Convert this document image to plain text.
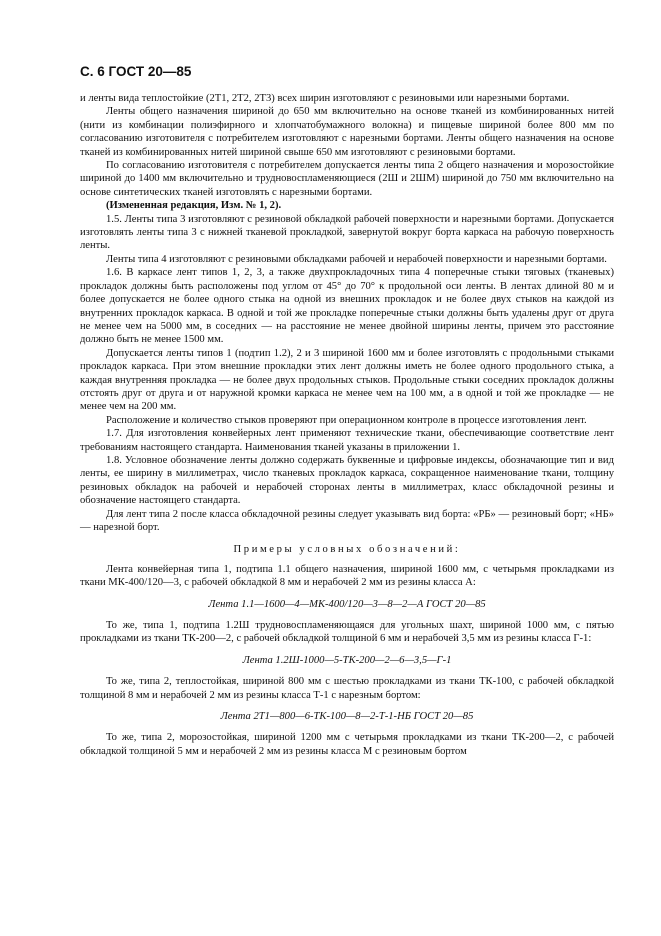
С. 6 ГОСТ 20—85

и ленты вида теплостойкие (2Т1, 2Т2, 2Т3) всех ширин изготовляют с резиновыми или нарезными бортами.

Ленты общего назначения шириной до 650 мм включительно на основе тканей из комбинированных нитей (нити из комбинации полиэфирного и хлопчатобумажного волокна) и пищевые шириной более 800 мм по согласованию изготовителя с потребителем изготовляют с нарезными бортами. Ленты общего назначения на основе тканей из комбинированных нитей шириной свыше 650 мм изготовляют с резиновыми бортами.

По согласованию изготовителя с потребителем допускается ленты типа 2 общего назначения и морозостойкие шириной до 1400 мм включительно и трудновоспламеняющиеся (2Ш и 2ШМ) шириной до 750 мм включительно на основе синтетических тканей изготовлять с нарезными бортами.

(Измененная редакция, Изм. № 1, 2).

1.5. Ленты типа 3 изготовляют с резиновой обкладкой рабочей поверхности и нарезными бортами. Допускается изготовлять ленты типа 3 с нижней тканевой прокладкой, завернутой вокруг борта каркаса на рабочую поверхность ленты.

Ленты типа 4 изготовляют с резиновыми обкладками рабочей и нерабочей поверхности и нарезными бортами.

1.6. В каркасе лент типов 1, 2, 3, а также двухпрокладочных типа 4 поперечные стыки тяговых (тканевых) прокладок должны быть расположены под углом от 45° до 70° к продольной оси ленты. В лентах длиной 80 м и более допускается не более одного стыка на одной из внешних прокладок и не более двух стыков на каждой из внутренних прокладок каркаса. В одной и той же прокладке поперечные стыки должны быть удалены друг от друга не менее чем на 5000 мм, в соседних — на расстояние не менее двойной ширины ленты, причем это расстояние должно быть не менее 1500 мм.

Допускается ленты типов 1 (подтип 1.2), 2 и 3 шириной 1600 мм и более изготовлять с продольными стыками прокладок каркаса. При этом внешние прокладки этих лент должны иметь не более одного продольного стыка, а каждая внутренняя прокладка — не более двух продольных стыков. Продольные стыки соседних прокладок должны отстоять друг от друга и от наружной кромки каркаса не менее чем на 100 мм, а в одной и той же прокладке — не менее чем на 200 мм.

Расположение и количество стыков проверяют при операционном контроле в процессе изготовления лент.

1.7. Для изготовления конвейерных лент применяют технические ткани, обеспечивающие соответствие лент требованиям настоящего стандарта. Наименования тканей указаны в приложении 1.

1.8. Условное обозначение ленты должно содержать буквенные и цифровые индексы, обозначающие тип и вид ленты, ее ширину в миллиметрах, число тканевых прокладок каркаса, сокращенное наименование ткани, толщину резиновых обкладок на рабочей и нерабочей сторонах ленты в миллиметрах, класс обкладочной резины и обозначение настоящего стандарта.

Для лент типа 2 после класса обкладочной резины следует указывать вид борта: «РБ» — резиновый борт; «НБ» — нарезной борт.

Примеры условных обозначений:

Лента конвейерная типа 1, подтипа 1.1 общего назначения, шириной 1600 мм, с четырьмя прокладками из ткани МК-400/120—3, с рабочей обкладкой 8 мм и нерабочей 2 мм из резины класса А:

Лента 1.1—1600—4—МК-400/120—3—8—2—А ГОСТ 20—85

То же, типа 1, подтипа 1.2Ш трудновоспламеняющаяся для угольных шахт, шириной 1000 мм, с пятью прокладками из ткани ТК-200—2, с рабочей обкладкой толщиной 6 мм и нерабочей 3,5 мм из резины класса Г-1:

Лента 1.2Ш-1000—5-ТК-200—2—6—3,5—Г-1

То же, типа 2, теплостойкая, шириной 800 мм с шестью прокладками из ткани ТК-100, с рабочей обкладкой толщиной 8 мм и нерабочей 2 мм из резины класса Т-1 с нарезным бортом:

Лента 2Т1—800—6-ТК-100—8—2-Т-1-НБ ГОСТ 20—85

То же, типа 2, морозостойкая, шириной 1200 мм с четырьмя прокладками из ткани ТК-200—2, с рабочей обкладкой толщиной 5 мм и нерабочей 2 мм из резины класса М с резиновым бортом
